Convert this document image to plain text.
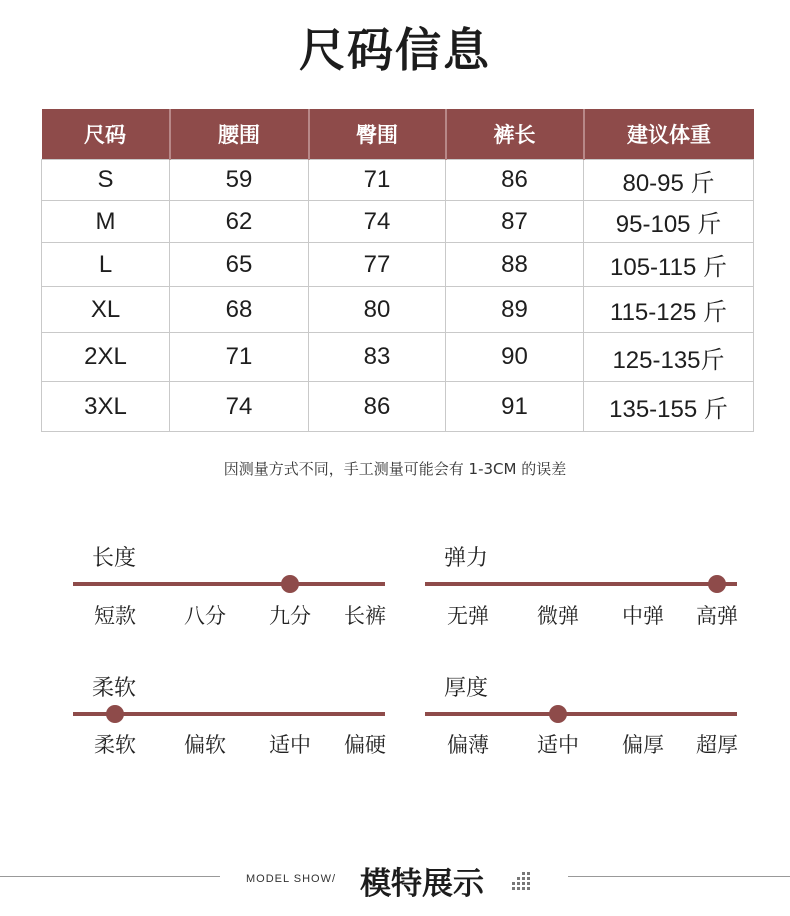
尺码信息
尺码	腰围	臀围	裤长	建议体重
S	59	71	86	80-95 斤
M	62	74	87	95-105 斤
L	65	77	88	105-115 斤
XL	68	80	89	115-125 斤
2XL	71	83	90	125-135斤
3XL	74	86	91	135-155 斤
因测量方式不同，手工测量可能会有 1-3CM 的误差
长度
短款 八分 九分 长裤
弹力
无弹 微弹 中弹 高弹
柔软
柔软 偏软 适中 偏硬
厚度
偏薄 适中 偏厚 超厚
MODEL SHOW/ 模特展示
